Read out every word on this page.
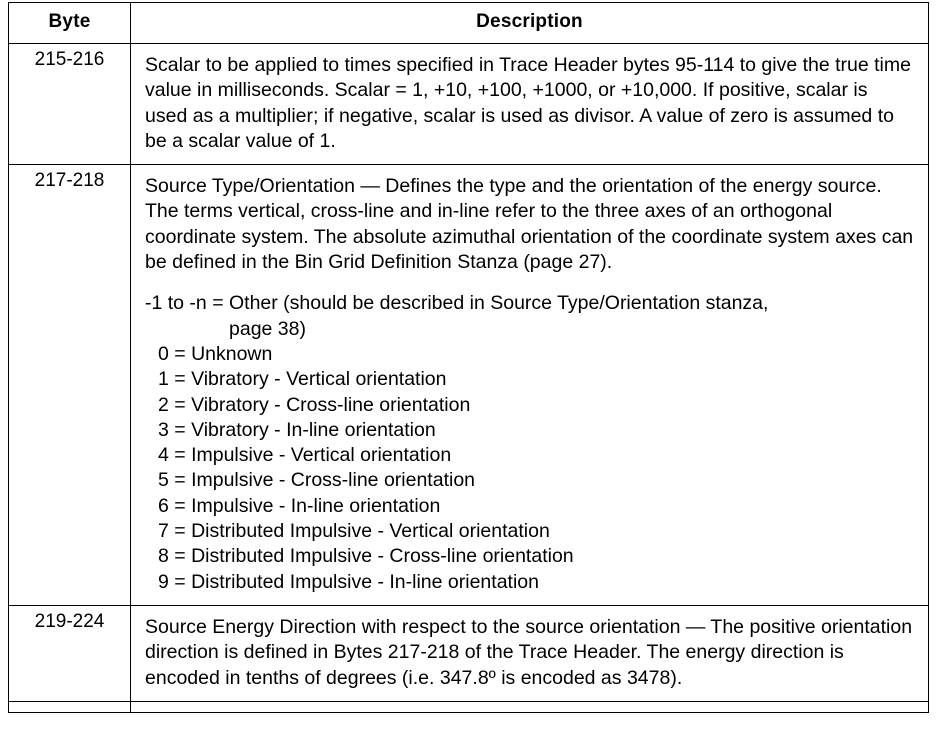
Byte	Description
215-216	Scalar to be applied to times specified in Trace Header bytes 95-114 to give the true time value in milliseconds. Scalar = 1, +10, +100, +1000, or +10,000. If positive, scalar is used as a multiplier; if negative, scalar is used as divisor. A value of zero is assumed to be a scalar value of 1.

217-218	Source Type/Orientation — Defines the type and the orientation of the energy source. The terms vertical, cross-line and in-line refer to the three axes of an orthogonal coordinate system. The absolute azimuthal orientation of the coordinate system axes can be defined in the Bin Grid Definition Stanza (page 27).

-1 to -n = Other (should be described in Source Type/Orientation stanza,
page 38)
0 = Unknown
1 = Vibratory - Vertical orientation
2 = Vibratory - Cross-line orientation
3 = Vibratory - In-line orientation
4 = Impulsive - Vertical orientation
5 = Impulsive - Cross-line orientation
6 = Impulsive - In-line orientation
7 = Distributed Impulsive - Vertical orientation
8 = Distributed Impulsive - Cross-line orientation
9 = Distributed Impulsive - In-line orientation

219-224	Source Energy Direction with respect to the source orientation — The positive orientation direction is defined in Bytes 217-218 of the Trace Header. The energy direction is encoded in tenths of degrees (i.e. 347.8º is encoded as 3478).
